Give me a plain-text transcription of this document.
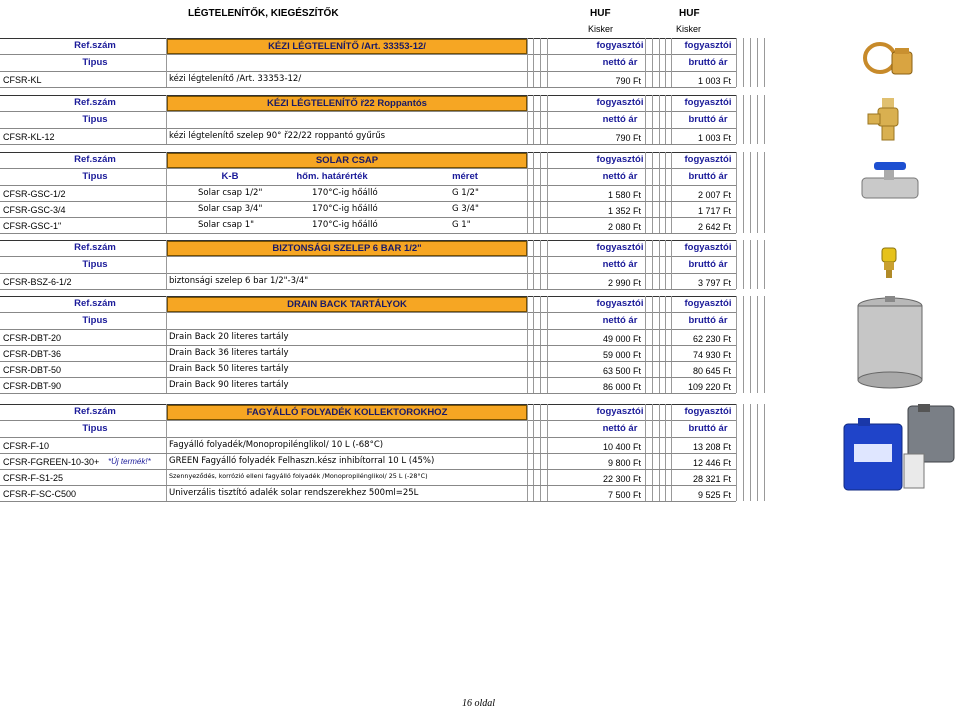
LÉGTELENÍTŐK, KIEGÉSZÍTŐK	HUF	HUF
Kisker	Kisker
Ref.szám	KÉZI LÉGTELENÍTŐ /Art. 33353-12/	fogyasztói	fogyasztói
Tipus	nettó ár	bruttó ár
CFSR-KL	kézi légtelenítő /Art. 33353-12/	790 Ft	1 003 Ft
Ref.szám	KÉZI LÉGTELENÍTŐ ř22 Roppantós	fogyasztói	fogyasztói
Tipus	nettó ár	bruttó ár
CFSR-KL-12	kézi légtelenítő szelep 90° ř22/22 roppantó gyűrűs	790 Ft	1 003 Ft
Ref.szám	SOLAR CSAP	fogyasztói	fogyasztói
Tipus	nettó ár	bruttó ár
K-B	hőm. határérték	méret
CFSR-GSC-1/2	Solar csap 1/2"	170°C-ig hőálló	G 1/2"	1 580 Ft	2 007 Ft
CFSR-GSC-3/4	Solar csap 3/4"	170°C-ig hőálló	G 3/4"	1 352 Ft	1 717 Ft
CFSR-GSC-1"	Solar csap 1"	170°C-ig hőálló	G 1"	2 080 Ft	2 642 Ft
Ref.szám	BIZTONSÁGI SZELEP 6 BAR 1/2"	fogyasztói	fogyasztói
Tipus	nettó ár	bruttó ár
CFSR-BSZ-6-1/2	biztonsági szelep 6 bar 1/2"-3/4"	2 990 Ft	3 797 Ft
Ref.szám	DRAIN BACK TARTÁLYOK	fogyasztói	fogyasztói
Tipus	nettó ár	bruttó ár
CFSR-DBT-20	Drain Back 20 literes tartály	49 000 Ft	62 230 Ft
CFSR-DBT-36	Drain Back 36 literes tartály	59 000 Ft	74 930 Ft
CFSR-DBT-50	Drain Back 50 literes tartály	63 500 Ft	80 645 Ft
CFSR-DBT-90	Drain Back 90 literes tartály	86 000 Ft	109 220 Ft
Ref.szám	FAGYÁLLÓ FOLYADÉK KOLLEKTOROKHOZ	fogyasztói	fogyasztói
Tipus	nettó ár	bruttó ár
CFSR-F-10	Fagyálló folyadék/Monopropilénglikol/ 10 L (-68°C)	10 400 Ft	13 208 Ft
CFSR-FGREEN-10-30+ *Új termék!* GREEN Fagyálló folyadék Felhaszn.kész inhibítorral 10 L (45%)	9 800 Ft	12 446 Ft
CFSR-F-S1-25	Szennyeződés, korrózió elleni fagyálló folyadék /Monopropilénglikol/ 25 L (-28°C)	22 300 Ft	28 321 Ft
CFSR-F-SC-C500	Univerzális tisztító adalék solar rendszerekhez 500ml=25L	7 500 Ft	9 525 Ft
16 oldal
